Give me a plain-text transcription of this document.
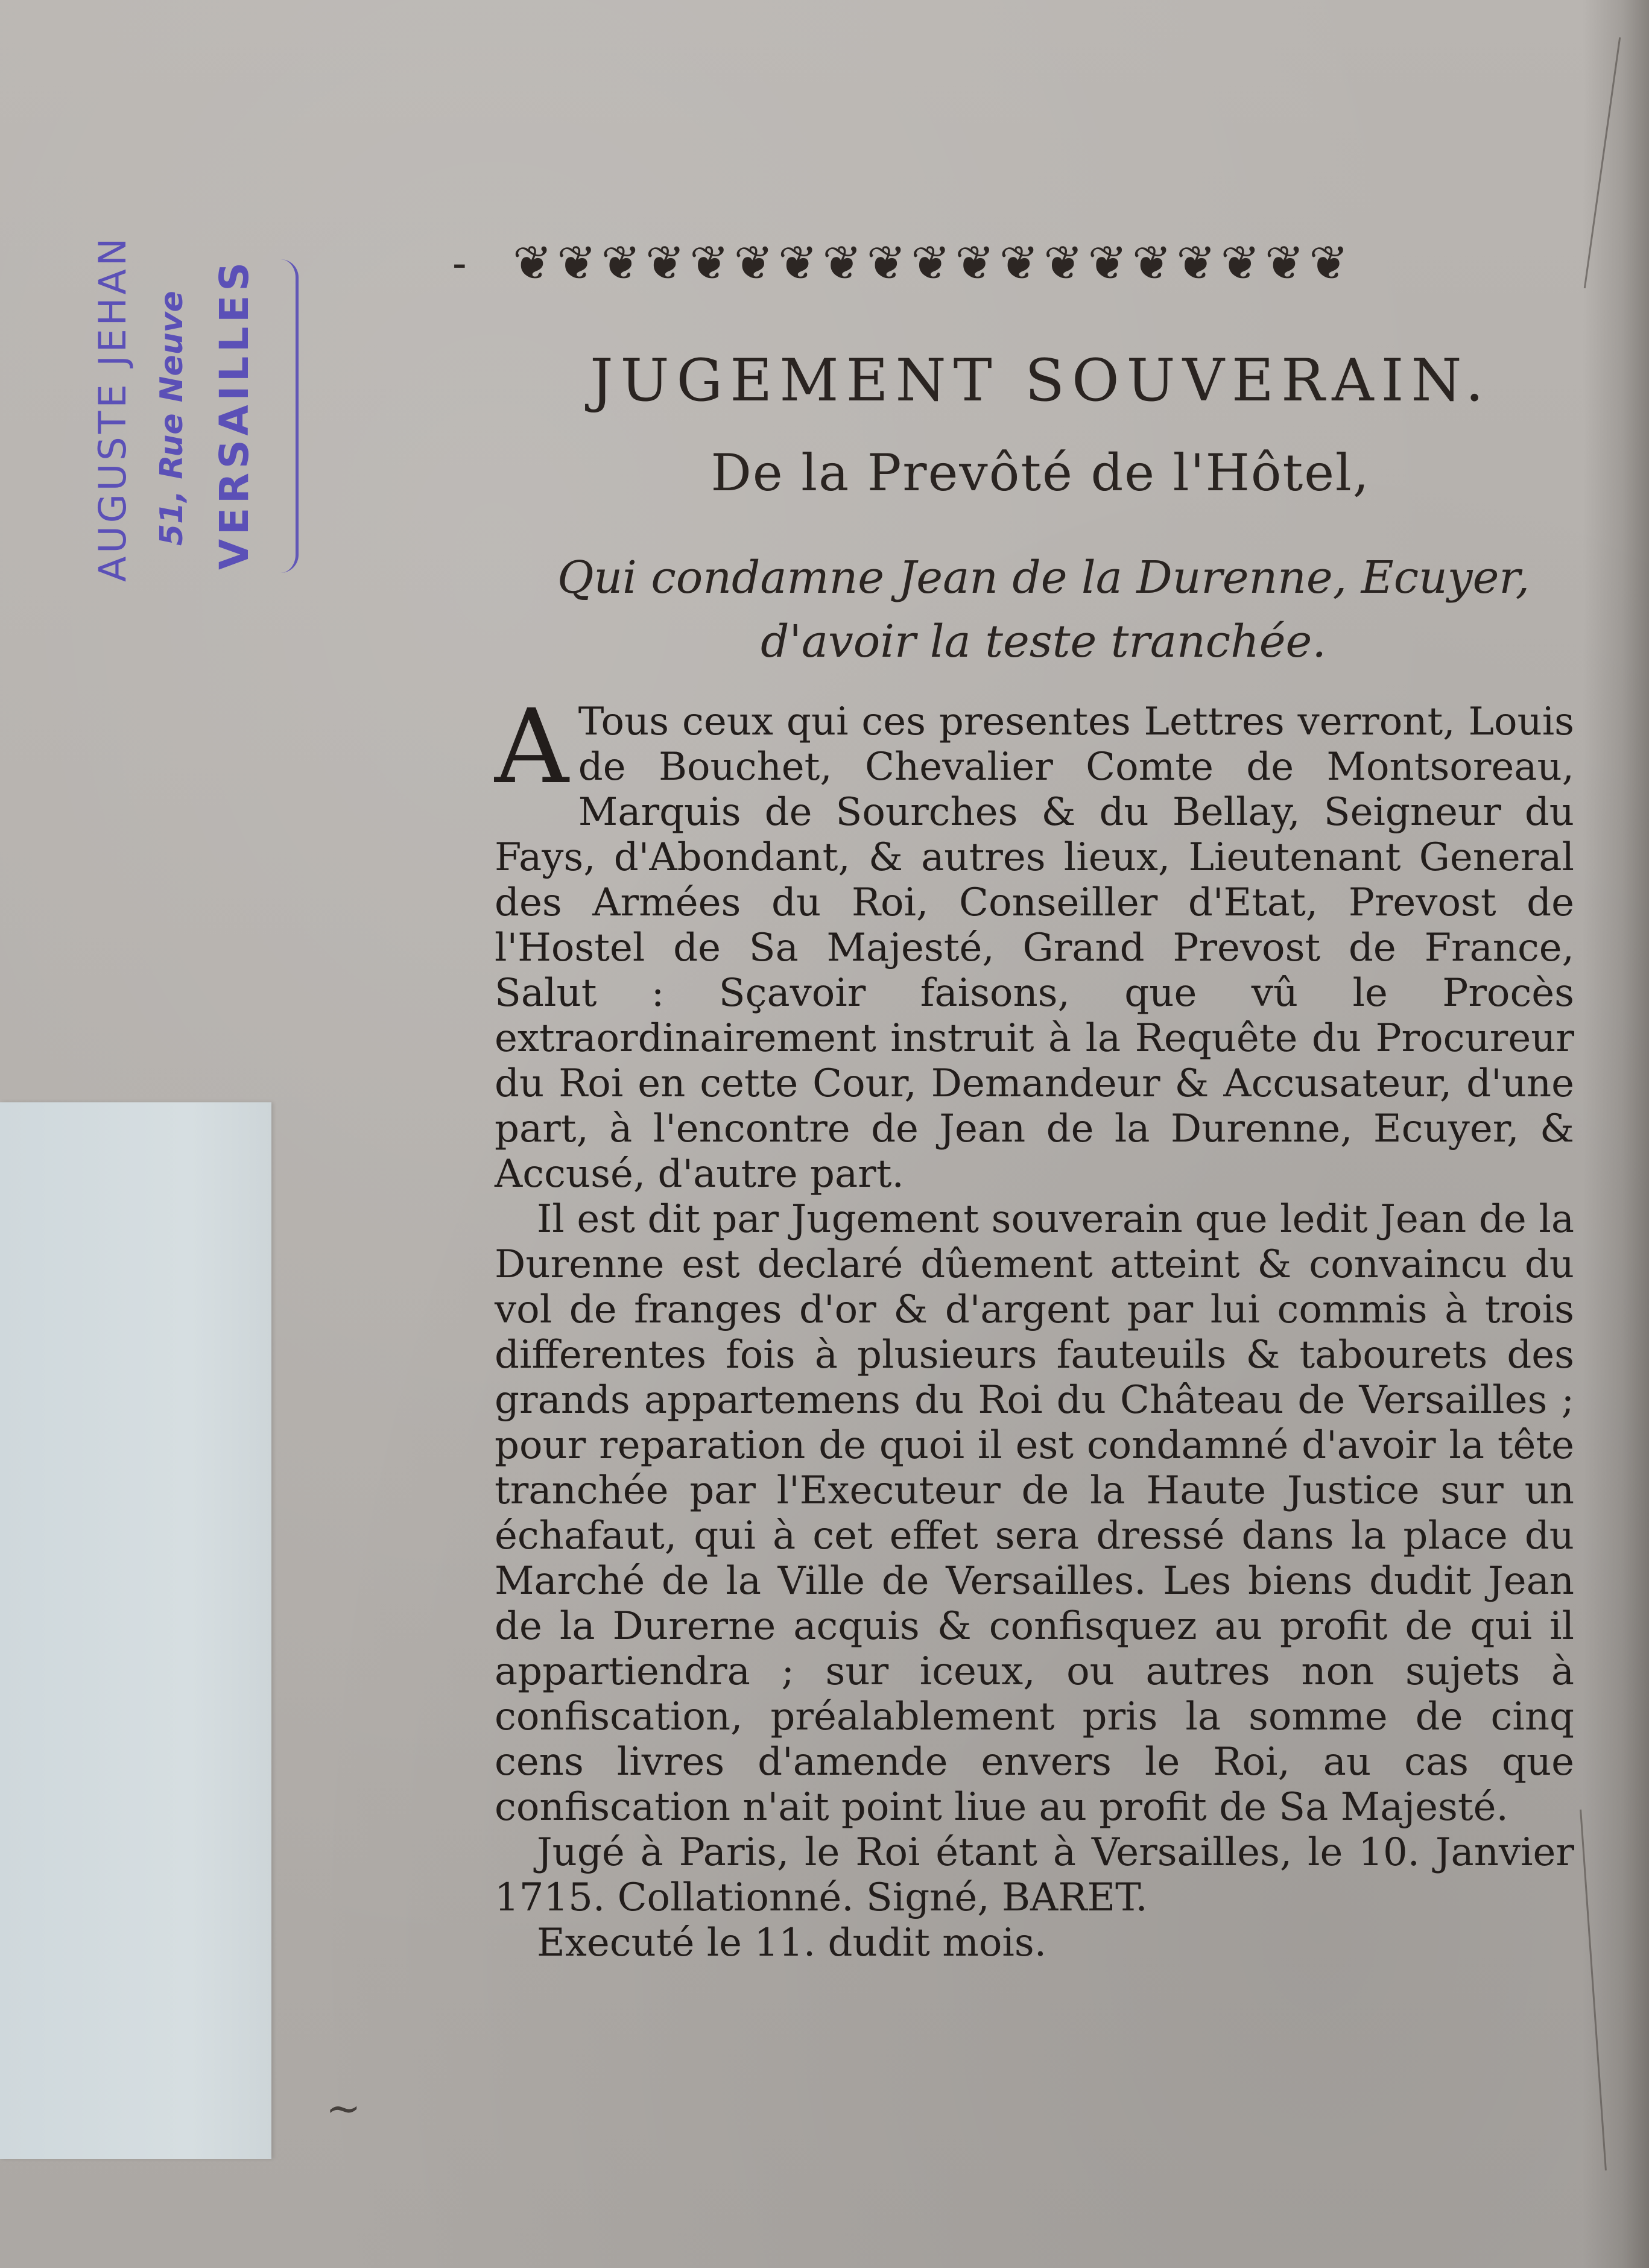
AUGUSTE JEHAN 51, Rue Neuve VERSAILLES	- ❦❦❦❦❦❦❦❦❦❦❦❦❦❦❦❦❦❦❦
JUGEMENT SOUVERAIN.
De la Prevôté de l'Hôtel,
Qui condamne Jean de la Durenne, Ecuyer, d'avoir la teste tranchée.

A Tous ceux qui ces presentes Lettres verront, Louis de Bouchet, Chevalier Comte de Montsoreau, Marquis de Sourches & du Bellay, Seigneur du Fays, d'Abondant, & autres lieux, Lieutenant General des Armées du Roi, Conseiller d'Etat, Prevost de l'Hostel de Sa Majesté, Grand Prevost de France, Salut : Sçavoir faisons, que vû le Procès extraordinairement instruit à la Requête du Procureur du Roi en cette Cour, Demandeur & Accusateur, d'une part, à l'encontre de Jean de la Durenne, Ecuyer, & Accusé, d'autre part.

Il est dit par Jugement souverain que ledit Jean de la Durenne est declaré dûement atteint & convaincu du vol de franges d'or & d'argent par lui commis à trois differentes fois à plusieurs fauteuils & tabourets des grands appartemens du Roi du Château de Versailles ; pour reparation de quoi il est condamné d'avoir la tête tranchée par l'Executeur de la Haute Justice sur un échafaut, qui à cet effet sera dressé dans la place du Marché de la Ville de Versailles. Les biens dudit Jean de la Durerne acquis & confisquez au profit de qui il appartiendra ; sur iceux, ou autres non sujets à confiscation, préalablement pris la somme de cinq cens livres d'amende envers le Roi, au cas que confiscation n'ait point liue au profit de Sa Majesté.

Jugé à Paris, le Roi étant à Versailles, le 10. Janvier 1715. Collationné. Signé, BARET.

Executé le 11. dudit mois.

~
